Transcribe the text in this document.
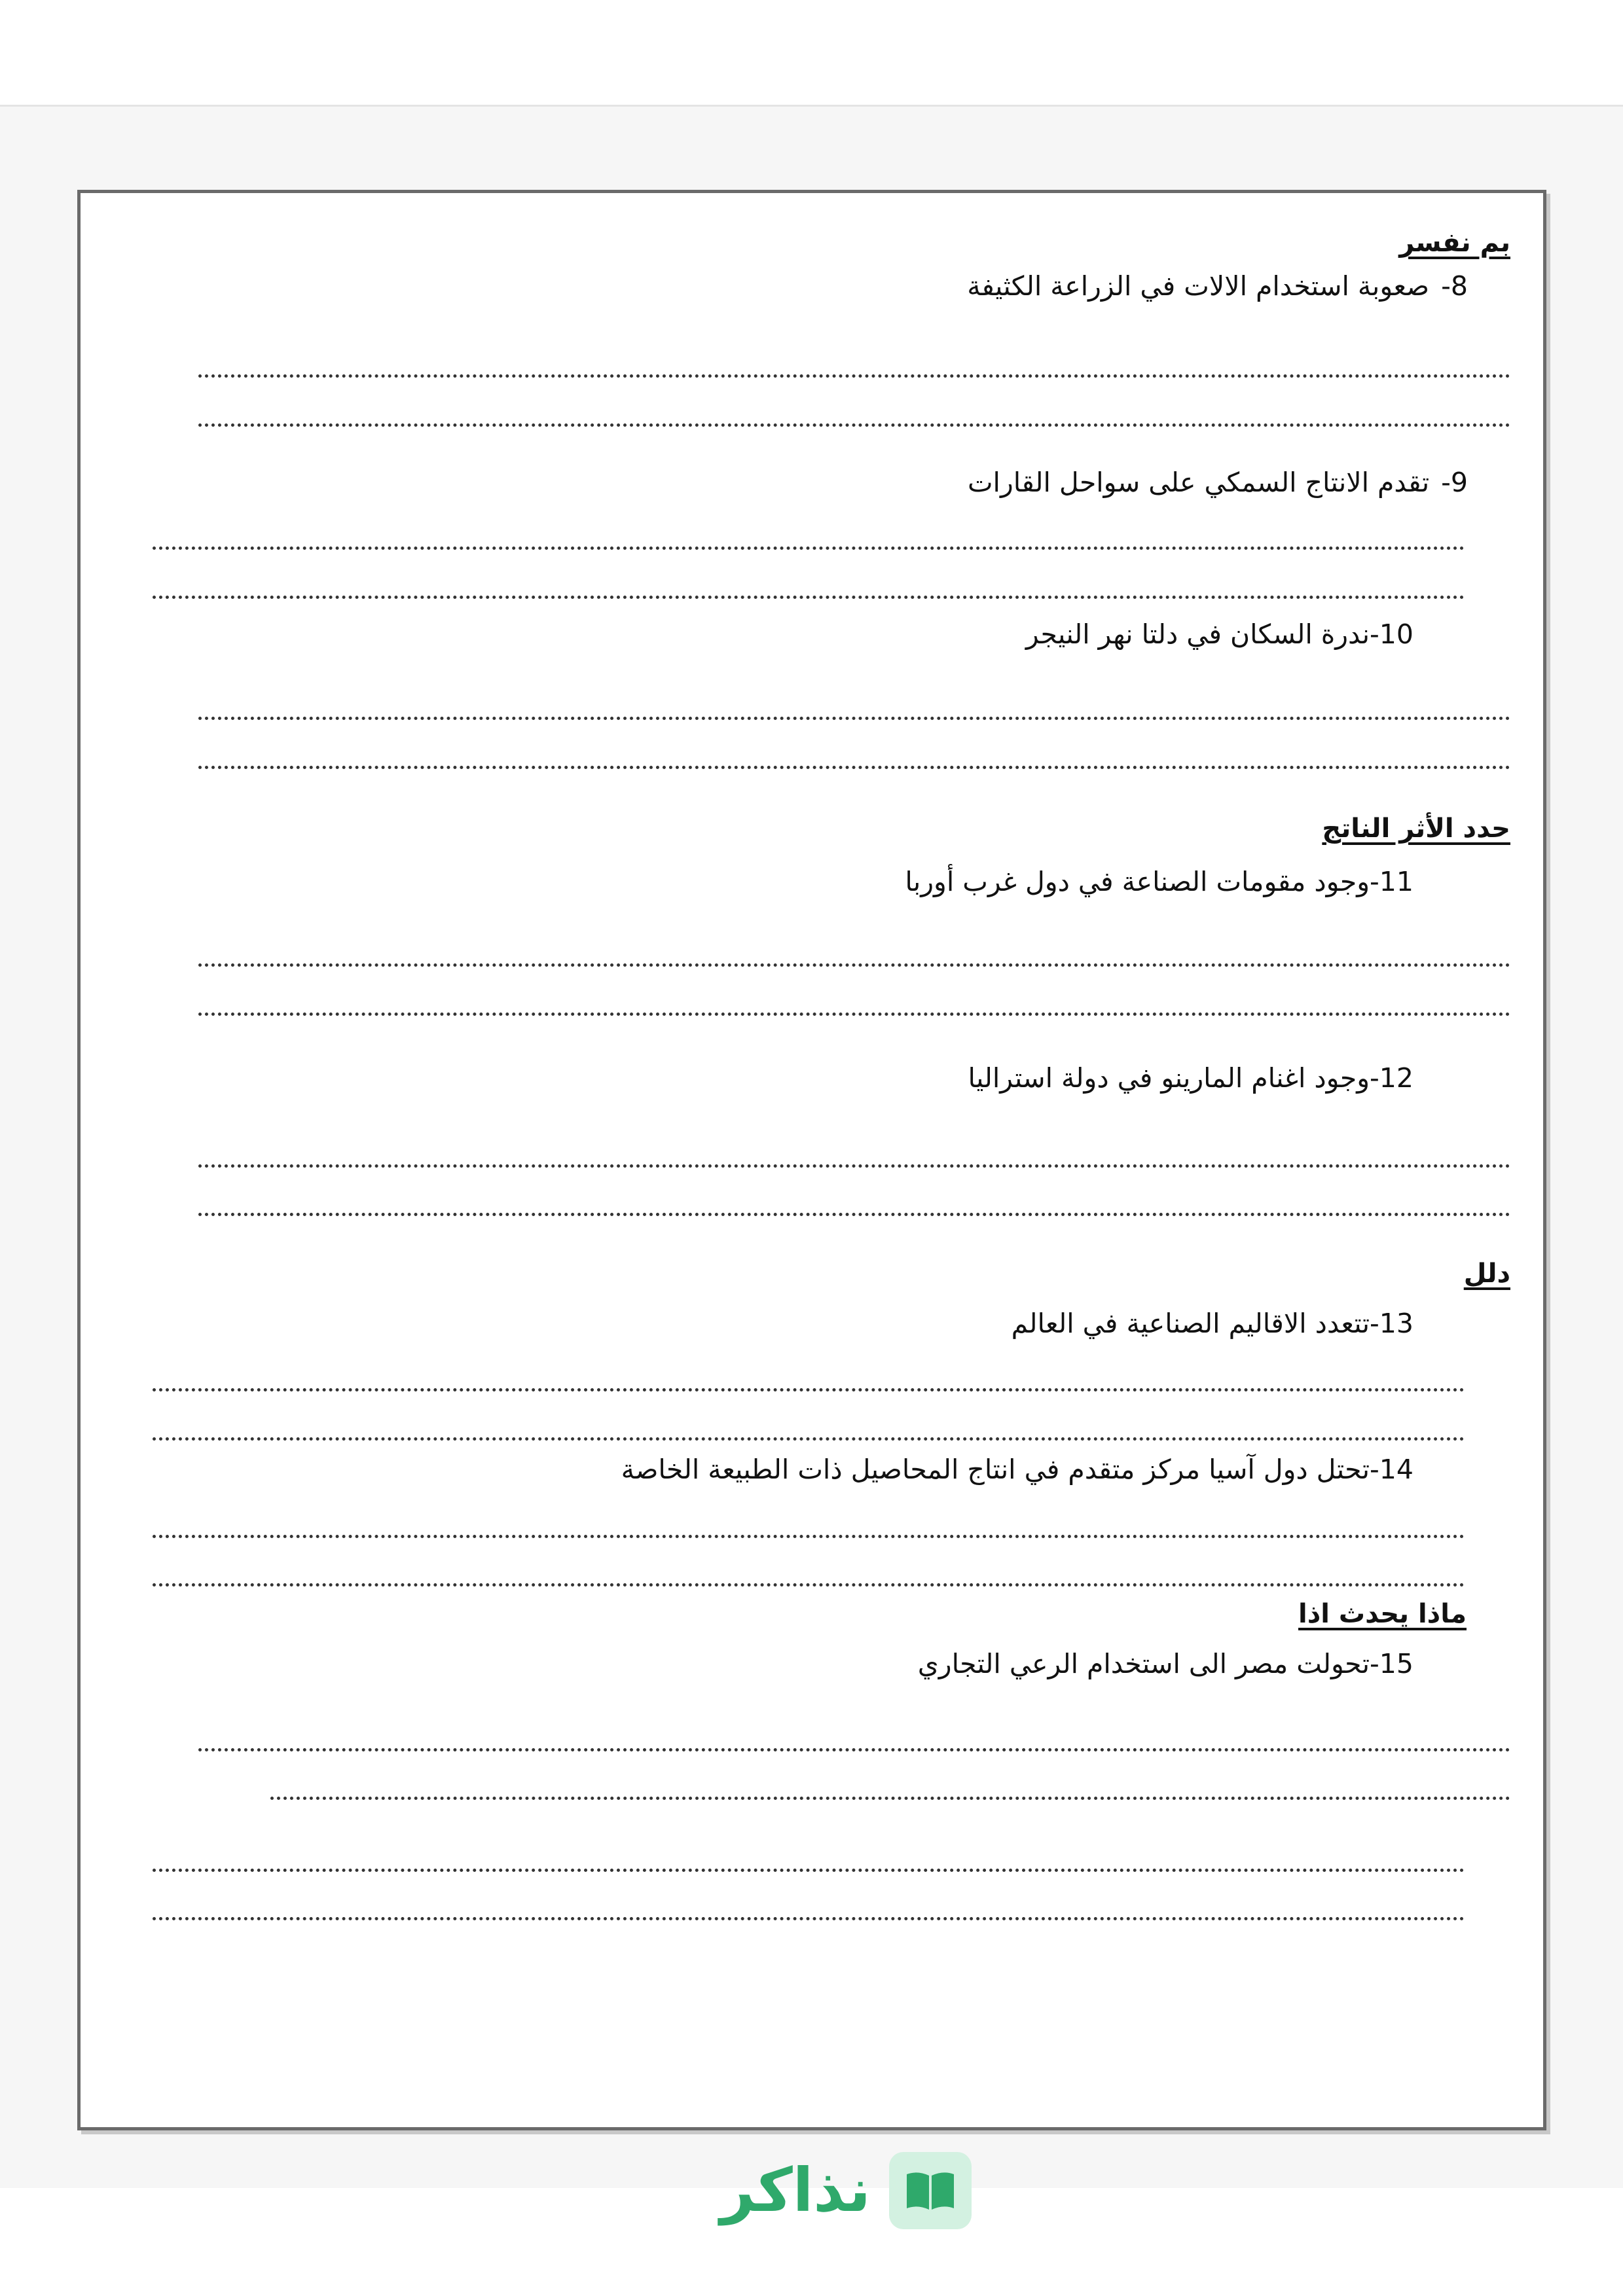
بم نفسر
-8
صعوبة استخدام الالات في الزراعة الكثيفة
-9
تقدم الانتاج السمكي على سواحل القارات
-10
ندرة السكان في دلتا نهر النيجر
حدد الأثر الناتج
-11
وجود مقومات الصناعة في دول غرب أوربا
-12
وجود اغنام المارينو في دولة استراليا
دلل
-13
تتعدد الاقاليم الصناعية في العالم
-14
تحتل دول آسيا مركز متقدم في انتاج المحاصيل ذات الطبيعة الخاصة
ماذا يحدث اذا
-15
تحولت مصر الى استخدام الرعي التجاري
نذاكر
